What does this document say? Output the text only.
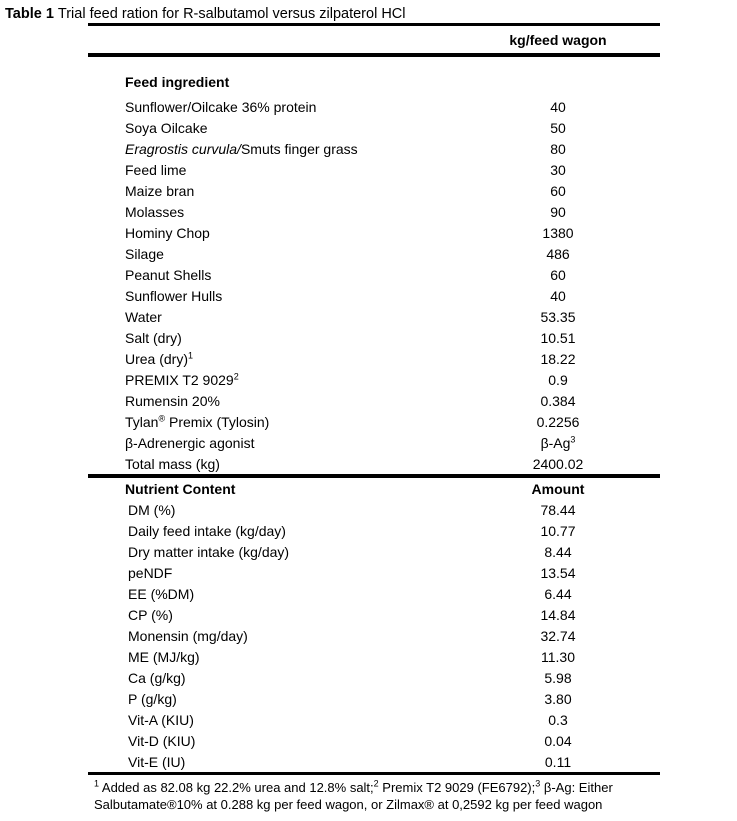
Table 1 Trial feed ration for R-salbutamol versus zilpaterol HCl
kg/feed wagon
Feed ingredient
Sunflower/Oilcake 36% protein	40
Soya Oilcake	50
Eragrostis curvula/Smuts finger grass	80
Feed lime	30
Maize bran	60
Molasses	90
Hominy Chop	1380
Silage	486
Peanut Shells	60
Sunflower Hulls	40
Water	53.35
Salt (dry)	10.51
Urea (dry)$^1$	18.22
PREMIX T2 9029$^2$	0.9
Rumensin 20%	0.384
Tylan® Premix (Tylosin)	0.2256
β-Adrenergic agonist	β-Ag$^3$
Total mass (kg)	2400.02
Nutrient Content	Amount
DM (%)	78.44
Daily feed intake (kg/day)	10.77
Dry matter intake (kg/day)	8.44
peNDF	13.54
EE (%DM)	6.44
CP (%)	14.84
Monensin (mg/day)	32.74
ME (MJ/kg)	11.30
Ca (g/kg)	5.98
P (g/kg)	3.80
Vit-A (KIU)	0.3
Vit-D (KIU)	0.04
Vit-E (IU)	0.11
$^1$ Added as 82.08 kg 22.2% urea and 12.8% salt;$^2$ Premix T2 9029 (FE6792);$^3$ β-Ag: Either
Salbutamate®10% at 0.288 kg per feed wagon, or Zilmax® at 0,2592 kg per feed wagon
